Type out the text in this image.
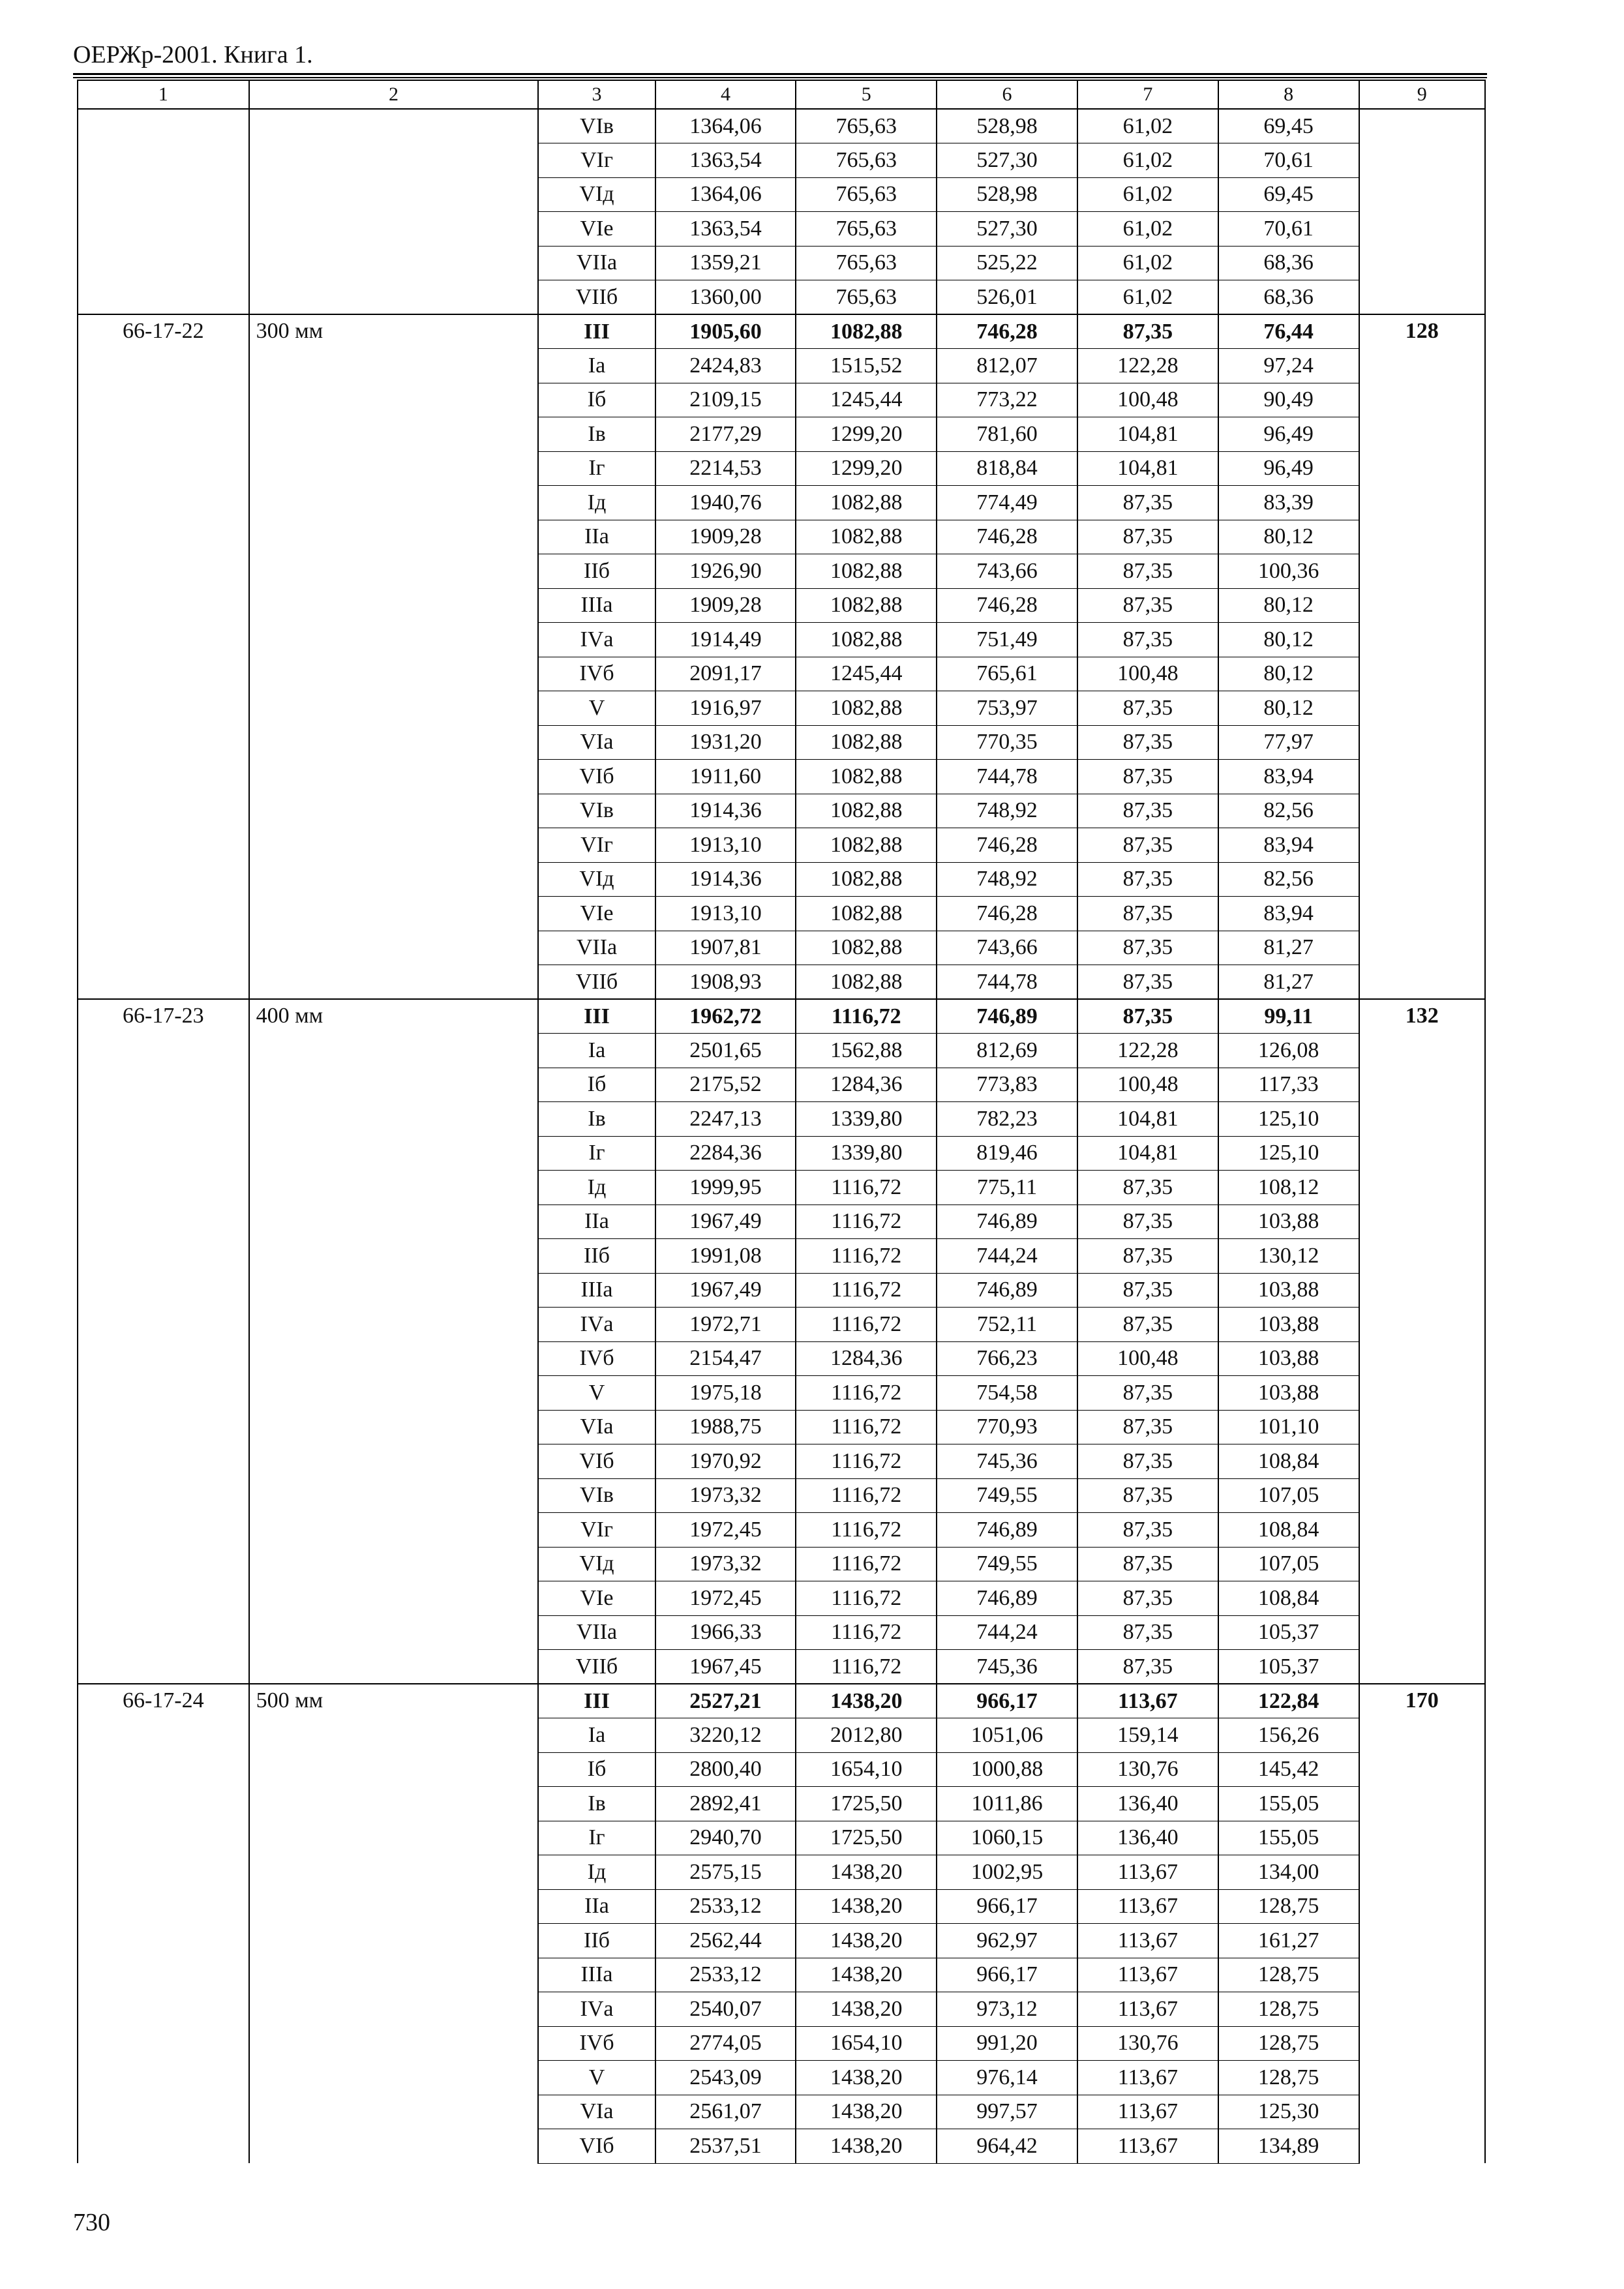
ОЕРЖр-2001. Книга 1.
1	2	3	4	5	6	7	8	9
		VIв	1364,06	765,63	528,98	61,02	69,45	
		VIг	1363,54	765,63	527,30	61,02	70,61	
		VIд	1364,06	765,63	528,98	61,02	69,45	
		VIе	1363,54	765,63	527,30	61,02	70,61	
		VIIа	1359,21	765,63	525,22	61,02	68,36	
		VIIб	1360,00	765,63	526,01	61,02	68,36	
66-17-22	300 мм	III	1905,60	1082,88	746,28	87,35	76,44	128
		Iа	2424,83	1515,52	812,07	122,28	97,24	
		Iб	2109,15	1245,44	773,22	100,48	90,49	
		Iв	2177,29	1299,20	781,60	104,81	96,49	
		Iг	2214,53	1299,20	818,84	104,81	96,49	
		Iд	1940,76	1082,88	774,49	87,35	83,39	
		IIа	1909,28	1082,88	746,28	87,35	80,12	
		IIб	1926,90	1082,88	743,66	87,35	100,36	
		IIIа	1909,28	1082,88	746,28	87,35	80,12	
		IVа	1914,49	1082,88	751,49	87,35	80,12	
		IVб	2091,17	1245,44	765,61	100,48	80,12	
		V	1916,97	1082,88	753,97	87,35	80,12	
		VIа	1931,20	1082,88	770,35	87,35	77,97	
		VIб	1911,60	1082,88	744,78	87,35	83,94	
		VIв	1914,36	1082,88	748,92	87,35	82,56	
		VIг	1913,10	1082,88	746,28	87,35	83,94	
		VIд	1914,36	1082,88	748,92	87,35	82,56	
		VIе	1913,10	1082,88	746,28	87,35	83,94	
		VIIа	1907,81	1082,88	743,66	87,35	81,27	
		VIIб	1908,93	1082,88	744,78	87,35	81,27	
66-17-23	400 мм	III	1962,72	1116,72	746,89	87,35	99,11	132
		Iа	2501,65	1562,88	812,69	122,28	126,08	
		Iб	2175,52	1284,36	773,83	100,48	117,33	
		Iв	2247,13	1339,80	782,23	104,81	125,10	
		Iг	2284,36	1339,80	819,46	104,81	125,10	
		Iд	1999,95	1116,72	775,11	87,35	108,12	
		IIа	1967,49	1116,72	746,89	87,35	103,88	
		IIб	1991,08	1116,72	744,24	87,35	130,12	
		IIIа	1967,49	1116,72	746,89	87,35	103,88	
		IVа	1972,71	1116,72	752,11	87,35	103,88	
		IVб	2154,47	1284,36	766,23	100,48	103,88	
		V	1975,18	1116,72	754,58	87,35	103,88	
		VIа	1988,75	1116,72	770,93	87,35	101,10	
		VIб	1970,92	1116,72	745,36	87,35	108,84	
		VIв	1973,32	1116,72	749,55	87,35	107,05	
		VIг	1972,45	1116,72	746,89	87,35	108,84	
		VIд	1973,32	1116,72	749,55	87,35	107,05	
		VIе	1972,45	1116,72	746,89	87,35	108,84	
		VIIа	1966,33	1116,72	744,24	87,35	105,37	
		VIIб	1967,45	1116,72	745,36	87,35	105,37	
66-17-24	500 мм	III	2527,21	1438,20	966,17	113,67	122,84	170
		Iа	3220,12	2012,80	1051,06	159,14	156,26	
		Iб	2800,40	1654,10	1000,88	130,76	145,42	
		Iв	2892,41	1725,50	1011,86	136,40	155,05	
		Iг	2940,70	1725,50	1060,15	136,40	155,05	
		Iд	2575,15	1438,20	1002,95	113,67	134,00	
		IIа	2533,12	1438,20	966,17	113,67	128,75	
		IIб	2562,44	1438,20	962,97	113,67	161,27	
		IIIа	2533,12	1438,20	966,17	113,67	128,75	
		IVа	2540,07	1438,20	973,12	113,67	128,75	
		IVб	2774,05	1654,10	991,20	130,76	128,75	
		V	2543,09	1438,20	976,14	113,67	128,75	
		VIа	2561,07	1438,20	997,57	113,67	125,30	
		VIб	2537,51	1438,20	964,42	113,67	134,89	
730
